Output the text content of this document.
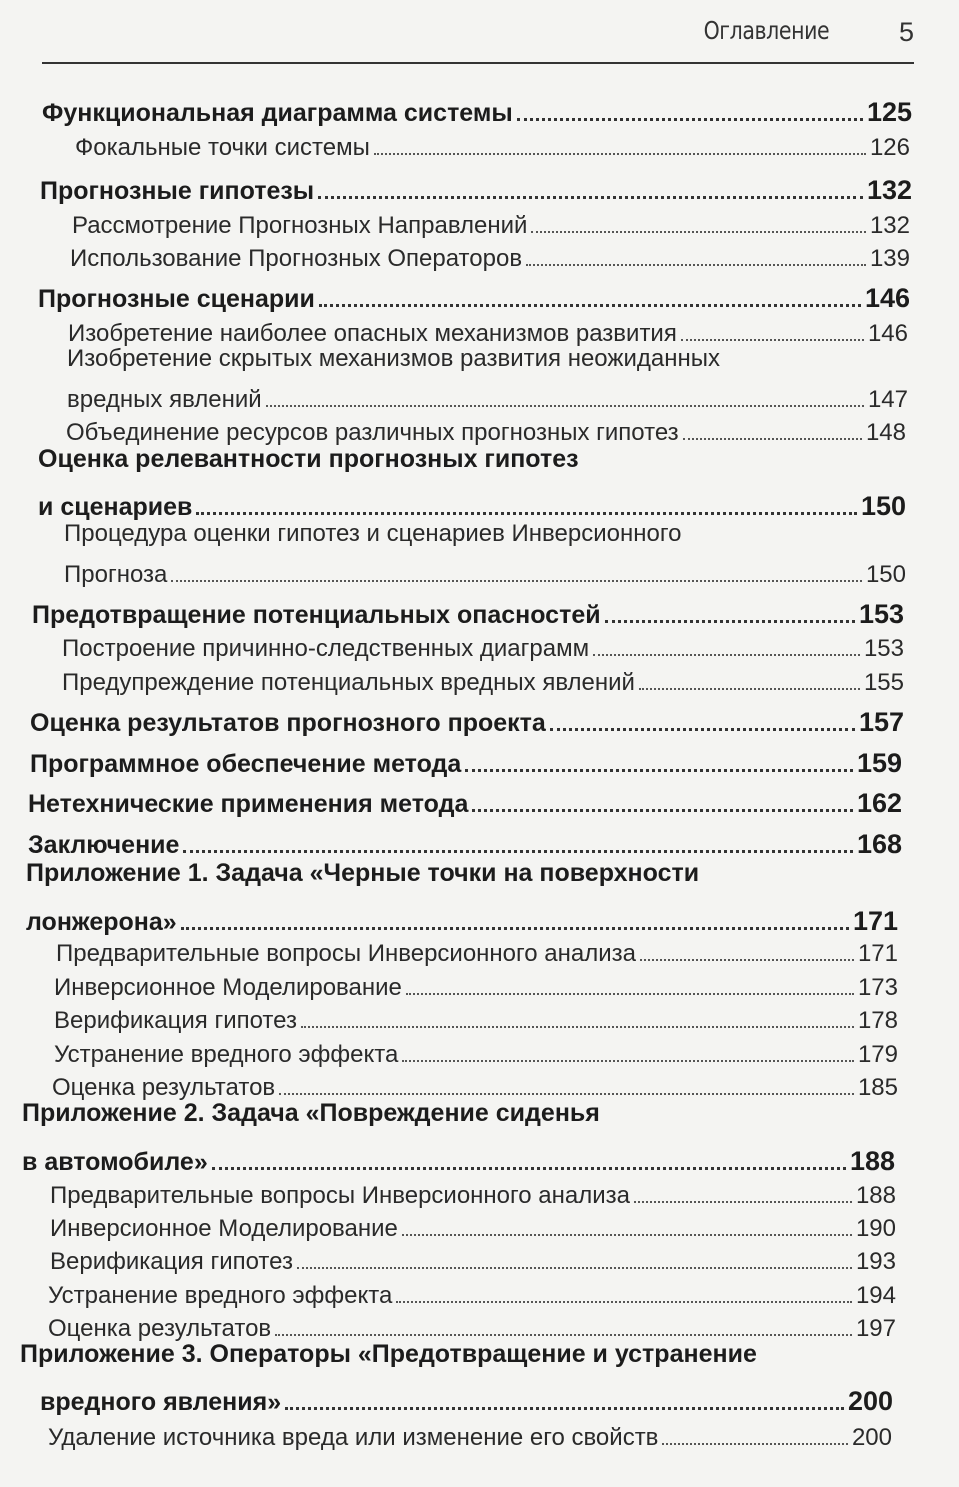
Оглавление	5
Функциональная диаграмма системы	125
Фокальные точки системы	126
Прогнозные гипотезы	132
Рассмотрение Прогнозных Направлений	132
Использование Прогнозных Операторов	139
Прогнозные сценарии	146
Изобретение наиболее опасных механизмов развития	146
Изобретение скрытых механизмов развития неожиданных
вредных явлений	147
Объединение ресурсов различных прогнозных гипотез	148
Оценка релевантности прогнозных гипотез
и сценариев	150
Процедура оценки гипотез и сценариев Инверсионного
Прогноза	150
Предотвращение потенциальных опасностей	153
Построение причинно-следственных диаграмм	153
Предупреждение потенциальных вредных явлений	155
Оценка результатов прогнозного проекта	157
Программное обеспечение метода	159
Нетехнические применения метода	162
Заключение	168
Приложение 1. Задача «Черные точки на поверхности
лонжерона»	171
Предварительные вопросы Инверсионного анализа	171
Инверсионное Моделирование	173
Верификация гипотез	178
Устранение вредного эффекта	179
Оценка результатов	185
Приложение 2. Задача «Повреждение сиденья
в автомобиле»	188
Предварительные вопросы Инверсионного анализа	188
Инверсионное Моделирование	190
Верификация гипотез	193
Устранение вредного эффекта	194
Оценка результатов	197
Приложение 3. Операторы «Предотвращение и устранение
вредного явления»	200
Удаление источника вреда или изменение его свойств	200
